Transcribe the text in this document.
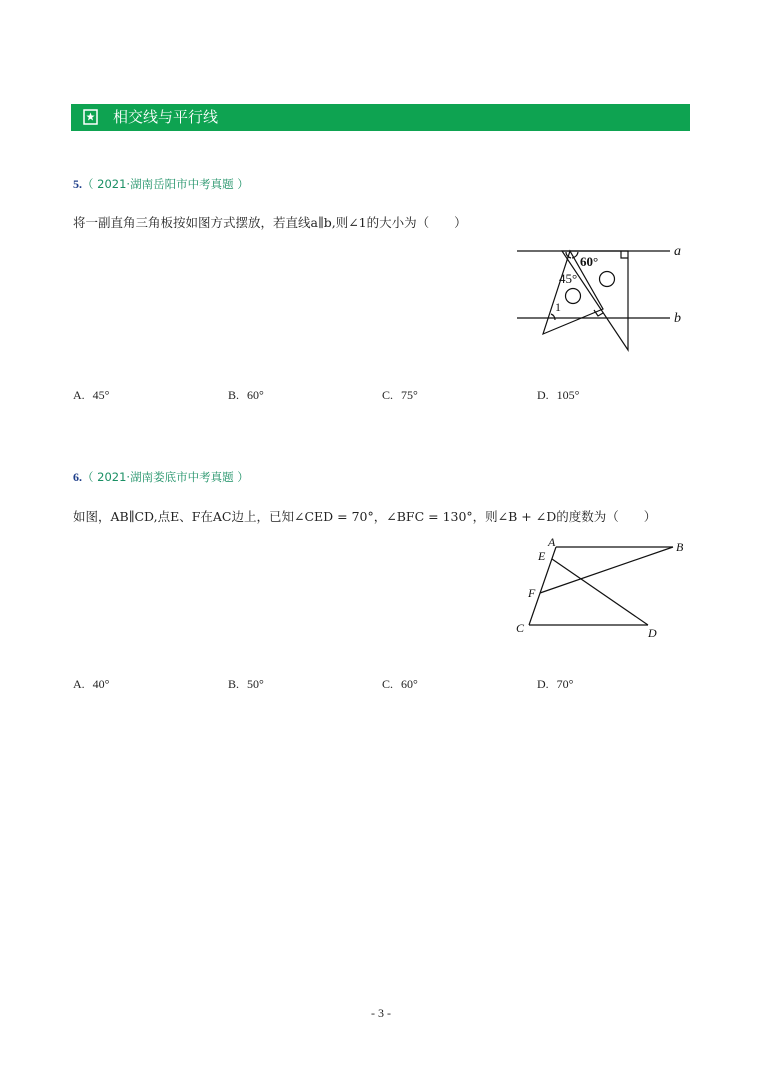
相交线与平行线
5.（ 2021·湖南岳阳市中考真题 ）
将一副直角三角板按如图方式摆放，若直线a∥b,则∠1的大小为（　　）
a
b
60°
45°
1
A. 45°	B. 60°	C. 75°	D. 105°
6.（ 2021·湖南娄底市中考真题 ）
如图，AB∥CD,点E、F在AC边上，已知∠CED = 70°，∠BFC = 130°，则∠B + ∠D的度数为（　　）
A	B
C	D
E
F
A. 40°	B. 50°	C. 60°	D. 70°
- 3 -
